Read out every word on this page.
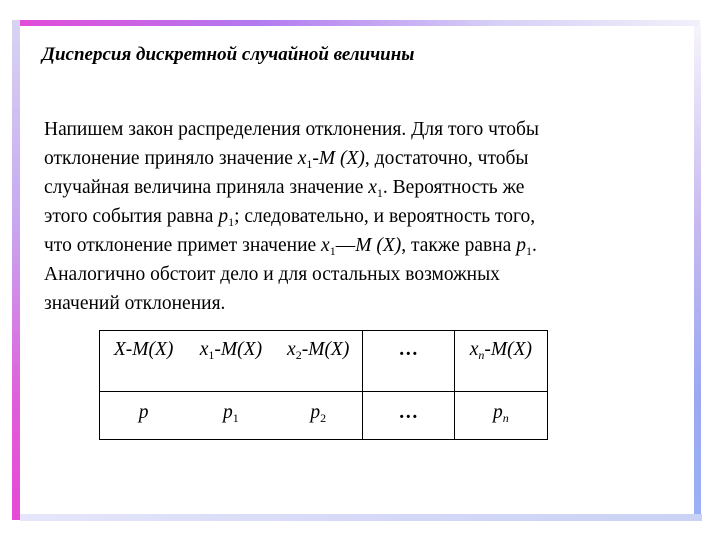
Дисперсия дискретной случайной величины
Напишем закон распределения отклонения. Для того чтобы
отклонение приняло значение $x_1-M$ (X), достаточно, чтобы
случайная величина приняла значение $x_1$. Вероятность же
этого события равна $p_1$; следовательно, и вероятность того,
что отклонение примет значение $x_1—M$ (X), также равна $p_1$.
Аналогично обстоит дело и для остальных возможных
значений отклонения.
X-M(X)	$x_1-M(X)$	$x_2-M(X)$	…	$x_n-M(X)$
p	$p_1$	$p_2$	…	$p_n$
